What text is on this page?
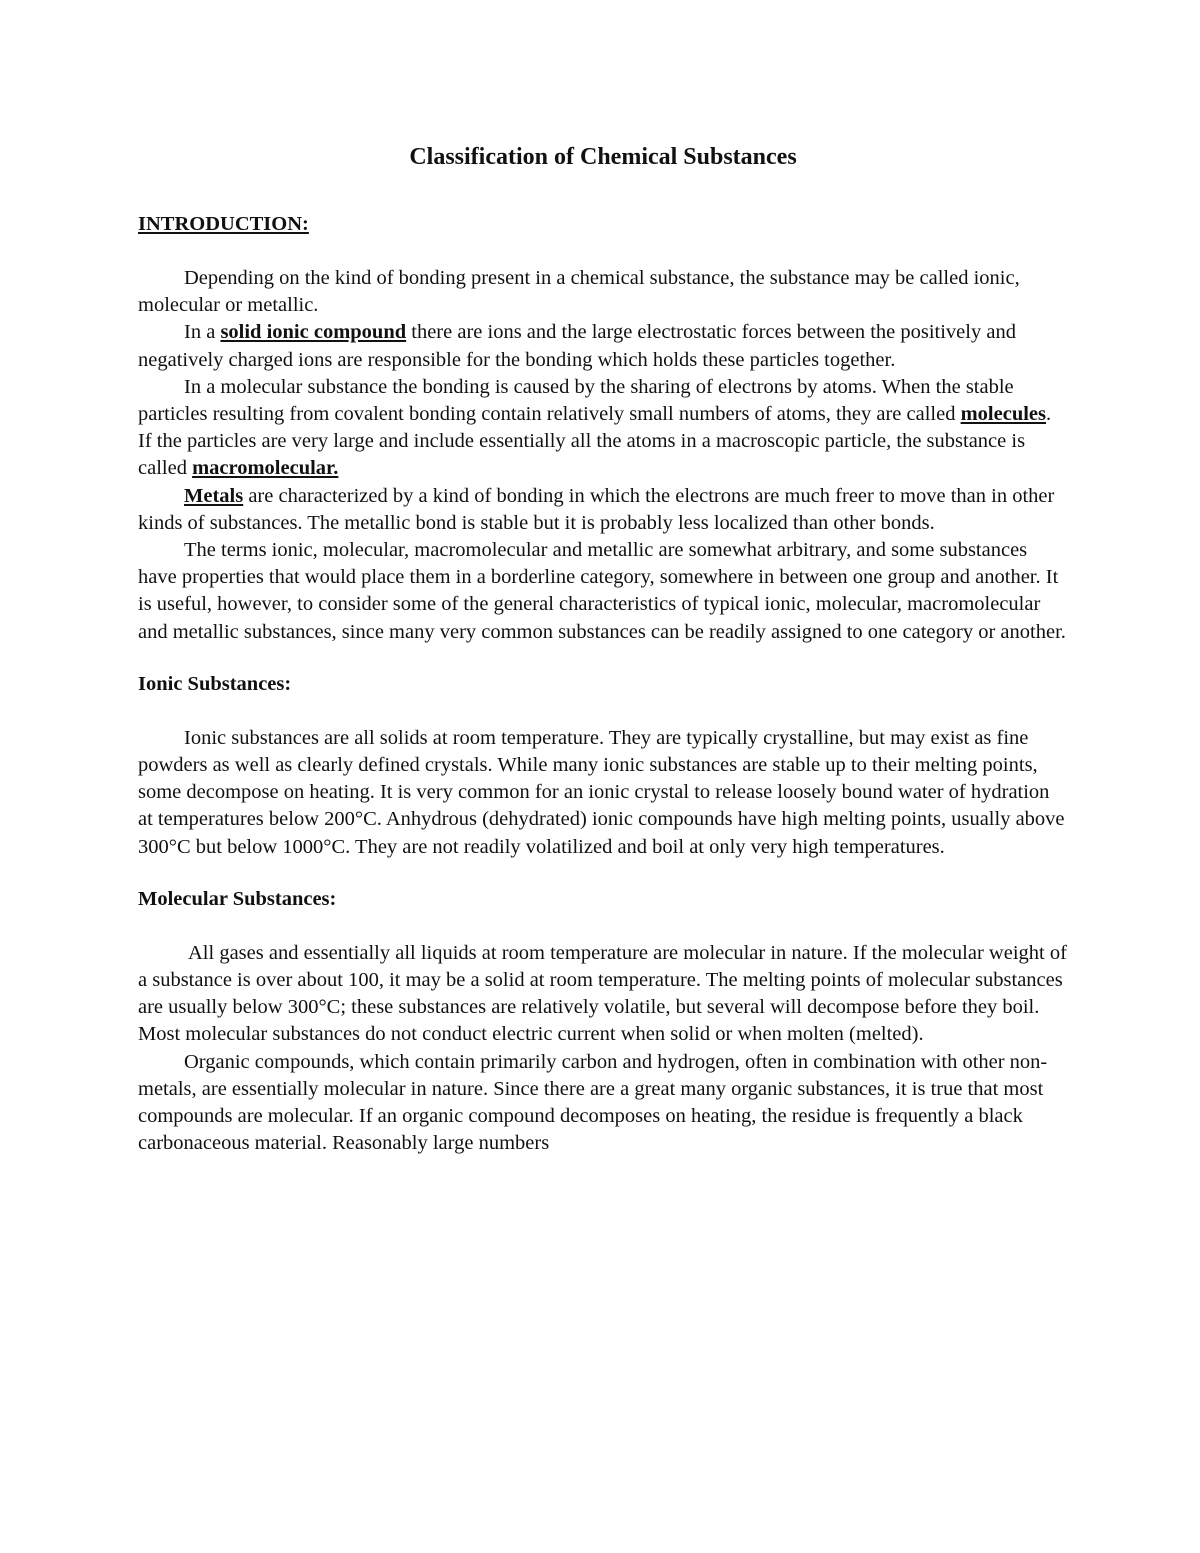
Classification of Chemical Substances
INTRODUCTION:

Depending on the kind of bonding present in a chemical substance, the substance may be called ionic, molecular or metallic.

In a solid ionic compound there are ions and the large electrostatic forces between the positively and negatively charged ions are responsible for the bonding which holds these particles together.

In a molecular substance the bonding is caused by the sharing of electrons by atoms. When the stable particles resulting from covalent bonding contain relatively small numbers of atoms, they are called molecules. If the particles are very large and include essentially all the atoms in a macroscopic particle, the substance is called macromolecular.

Metals are characterized by a kind of bonding in which the electrons are much freer to move than in other kinds of substances. The metallic bond is stable but it is probably less localized than other bonds.

The terms ionic, molecular, macromolecular and metallic are somewhat arbitrary, and some substances have properties that would place them in a borderline category, somewhere in between one group and another. It is useful, however, to consider some of the general characteristics of typical ionic, molecular, macromolecular and metallic substances, since many very common substances can be readily assigned to one category or another.

Ionic Substances:

Ionic substances are all solids at room temperature. They are typically crystalline, but may exist as fine powders as well as clearly defined crystals. While many ionic substances are stable up to their melting points, some decompose on heating. It is very common for an ionic crystal to release loosely bound water of hydration at temperatures below 200°C. Anhydrous (dehydrated) ionic compounds have high melting points, usually above 300°C but below 1000°C. They are not readily volatilized and boil at only very high temperatures.

Molecular Substances:

All gases and essentially all liquids at room temperature are molecular in nature. If the molecular weight of a substance is over about 100, it may be a solid at room temperature. The melting points of molecular substances are usually below 300°C; these substances are relatively volatile, but several will decompose before they boil. Most molecular substances do not conduct electric current when solid or when molten (melted).

Organic compounds, which contain primarily carbon and hydrogen, often in combination with other non-metals, are essentially molecular in nature. Since there are a great many organic substances, it is true that most compounds are molecular. If an organic compound decomposes on heating, the residue is frequently a black carbonaceous material. Reasonably large numbers
